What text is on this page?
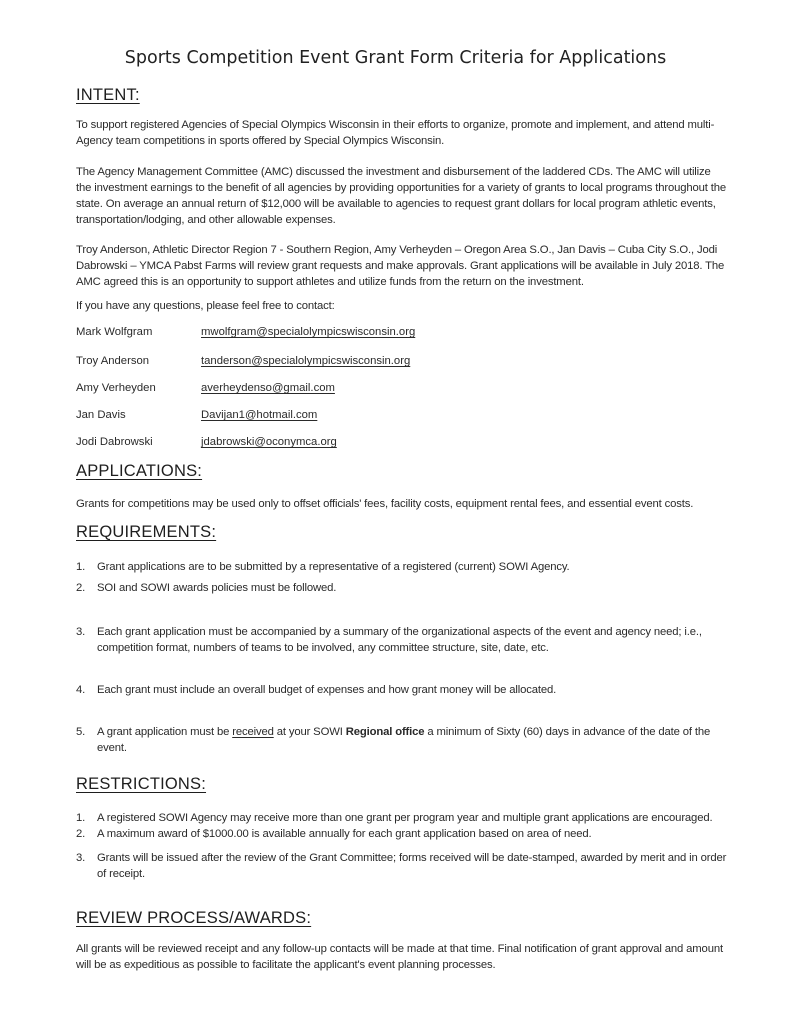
Sports Competition Event Grant Form Criteria for Applications
INTENT:
To support registered Agencies of Special Olympics Wisconsin in their efforts to organize, promote and implement, and attend multi-Agency team competitions in sports offered by Special Olympics Wisconsin.
The Agency Management Committee (AMC) discussed the investment and disbursement of the laddered CDs. The AMC will utilize the investment earnings to the benefit of all agencies by providing opportunities for a variety of grants to local programs throughout the state. On average an annual return of $12,000 will be available to agencies to request grant dollars for local program athletic events, transportation/lodging, and other allowable expenses.
Troy Anderson, Athletic Director Region 7 - Southern Region, Amy Verheyden – Oregon Area S.O., Jan Davis – Cuba City S.O., Jodi Dabrowski – YMCA Pabst Farms will review grant requests and make approvals. Grant applications will be available in July 2018. The AMC agreed this is an opportunity to support athletes and utilize funds from the return on the investment.
If you have any questions, please feel free to contact:
Mark Wolfgram	mwolfgram@specialolympicswisconsin.org
Troy Anderson	tanderson@specialolympicswisconsin.org
Amy Verheyden	averheydenso@gmail.com
Jan Davis	Davijan1@hotmail.com
Jodi Dabrowski	jdabrowski@oconymca.org
APPLICATIONS:
Grants for competitions may be used only to offset officials' fees, facility costs, equipment rental fees, and essential event costs.
REQUIREMENTS:
1.	Grant applications are to be submitted by a representative of a registered (current) SOWI Agency.
2.	SOI and SOWI awards policies must be followed.
3.	Each grant application must be accompanied by a summary of the organizational aspects of the event and agency need; i.e., competition format, numbers of teams to be involved, any committee structure, site, date, etc.
4.	Each grant must include an overall budget of expenses and how grant money will be allocated.
5.	A grant application must be received at your SOWI Regional office a minimum of Sixty (60) days in advance of the date of the event.
RESTRICTIONS:
1.	A registered SOWI Agency may receive more than one grant per program year and multiple grant applications are encouraged.
2.	A maximum award of $1000.00 is available annually for each grant application based on area of need.
3.	Grants will be issued after the review of the Grant Committee; forms received will be date-stamped, awarded by merit and in order of receipt.
REVIEW PROCESS/AWARDS:
All grants will be reviewed receipt and any follow-up contacts will be made at that time. Final notification of grant approval and amount will be as expeditious as possible to facilitate the applicant's event planning processes.
